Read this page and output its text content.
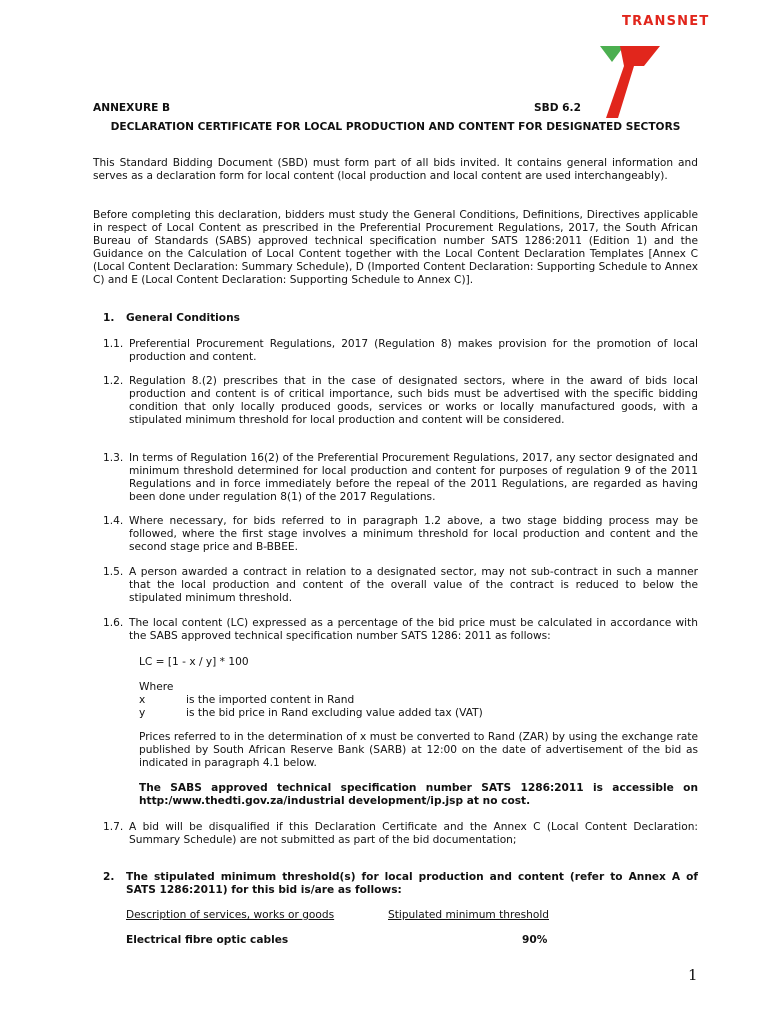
TRANSNET
ANNEXURE B	SBD 6.2
DECLARATION CERTIFICATE FOR LOCAL PRODUCTION AND CONTENT FOR DESIGNATED SECTORS
This Standard Bidding Document (SBD) must form part of all bids invited. It contains general information and serves as a declaration form for local content (local production and local content are used interchangeably).
Before completing this declaration, bidders must study the General Conditions, Definitions, Directives applicable in respect of Local Content as prescribed in the Preferential Procurement Regulations, 2017, the South African Bureau of Standards (SABS) approved technical specification number SATS 1286:2011 (Edition 1) and the Guidance on the Calculation of Local Content together with the Local Content Declaration Templates [Annex C (Local Content Declaration: Summary Schedule), D (Imported Content Declaration: Supporting Schedule to Annex C) and E (Local Content Declaration: Supporting Schedule to Annex C)].
1. General Conditions
1.1. Preferential Procurement Regulations, 2017 (Regulation 8) makes provision for the promotion of local production and content.
1.2. Regulation 8.(2) prescribes that in the case of designated sectors, where in the award of bids local production and content is of critical importance, such bids must be advertised with the specific bidding condition that only locally produced goods, services or works or locally manufactured goods, with a stipulated minimum threshold for local production and content will be considered.
1.3. In terms of Regulation 16(2) of the Preferential Procurement Regulations, 2017, any sector designated and minimum threshold determined for local production and content for purposes of regulation 9 of the 2011 Regulations and in force immediately before the repeal of the 2011 Regulations, are regarded as having been done under regulation 8(1) of the 2017 Regulations.
1.4. Where necessary, for bids referred to in paragraph 1.2 above, a two stage bidding process may be followed, where the first stage involves a minimum threshold for local production and content and the second stage price and B-BBEE.
1.5. A person awarded a contract in relation to a designated sector, may not sub-contract in such a manner that the local production and content of the overall value of the contract is reduced to below the stipulated minimum threshold.
1.6. The local content (LC) expressed as a percentage of the bid price must be calculated in accordance with the SABS approved technical specification number SATS 1286: 2011 as follows:
LC = [1 - x / y] * 100
Where
x	is the imported content in Rand
y	is the bid price in Rand excluding value added tax (VAT)
Prices referred to in the determination of x must be converted to Rand (ZAR) by using the exchange rate published by South African Reserve Bank (SARB) at 12:00 on the date of advertisement of the bid as indicated in paragraph 4.1 below.
The SABS approved technical specification number SATS 1286:2011 is accessible on http:/www.thedti.gov.za/industrial development/ip.jsp at no cost.
1.7. A bid will be disqualified if this Declaration Certificate and the Annex C (Local Content Declaration: Summary Schedule) are not submitted as part of the bid documentation;
2. The stipulated minimum threshold(s) for local production and content (refer to Annex A of SATS 1286:2011) for this bid is/are as follows:
Description of services, works or goods	Stipulated minimum threshold
Electrical fibre optic cables	90%
1
